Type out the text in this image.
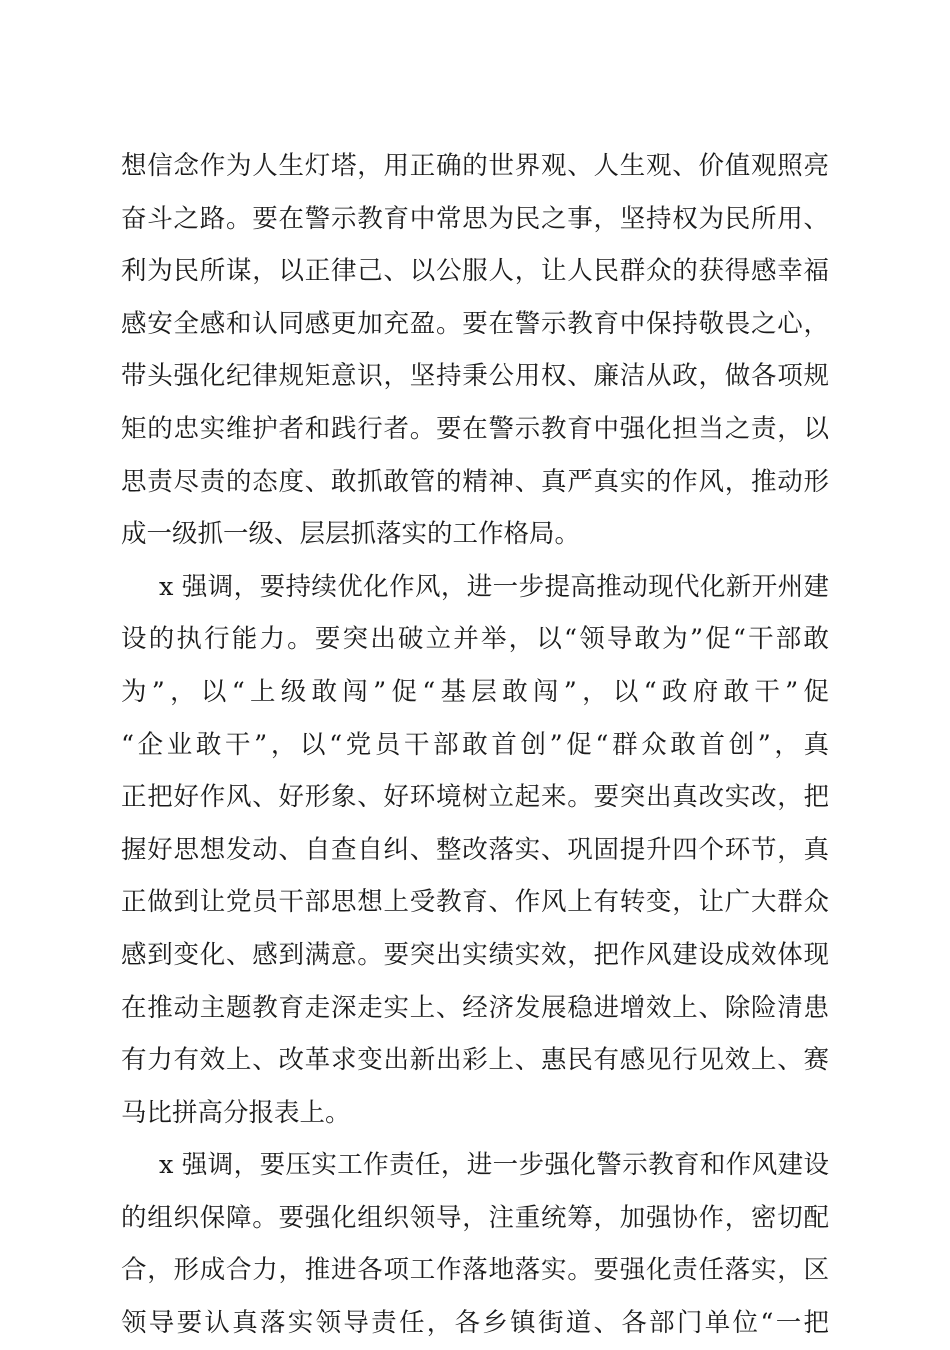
想信念作为人生灯塔，用正确的世界观、人生观、价值观照亮
奋斗之路。要在警示教育中常思为民之事，坚持权为民所用、
利为民所谋，以正律己、以公服人，让人民群众的获得感幸福
感安全感和认同感更加充盈。要在警示教育中保持敬畏之心，
带头强化纪律规矩意识，坚持秉公用权、廉洁从政，做各项规
矩的忠实维护者和践行者。要在警示教育中强化担当之责，以
思责尽责的态度、敢抓敢管的精神、真严真实的作风，推动形
成一级抓一级、层层抓落实的工作格局。
x 强调，要持续优化作风，进一步提高推动现代化新开州建
设的执行能力。要突出破立并举，以“领导敢为”促“干部敢
为”，以“上级敢闯”促“基层敢闯”，以“政府敢干”促
“企业敢干”，以“党员干部敢首创”促“群众敢首创”，真
正把好作风、好形象、好环境树立起来。要突出真改实改，把
握好思想发动、自查自纠、整改落实、巩固提升四个环节，真
正做到让党员干部思想上受教育、作风上有转变，让广大群众
感到变化、感到满意。要突出实绩实效，把作风建设成效体现
在推动主题教育走深走实上、经济发展稳进增效上、除险清患
有力有效上、改革求变出新出彩上、惠民有感见行见效上、赛
马比拼高分报表上。
x 强调，要压实工作责任，进一步强化警示教育和作风建设
的组织保障。要强化组织领导，注重统筹，加强协作，密切配
合，形成合力，推进各项工作落地落实。要强化责任落实，区
领导要认真落实领导责任，各乡镇街道、各部门单位“一把
